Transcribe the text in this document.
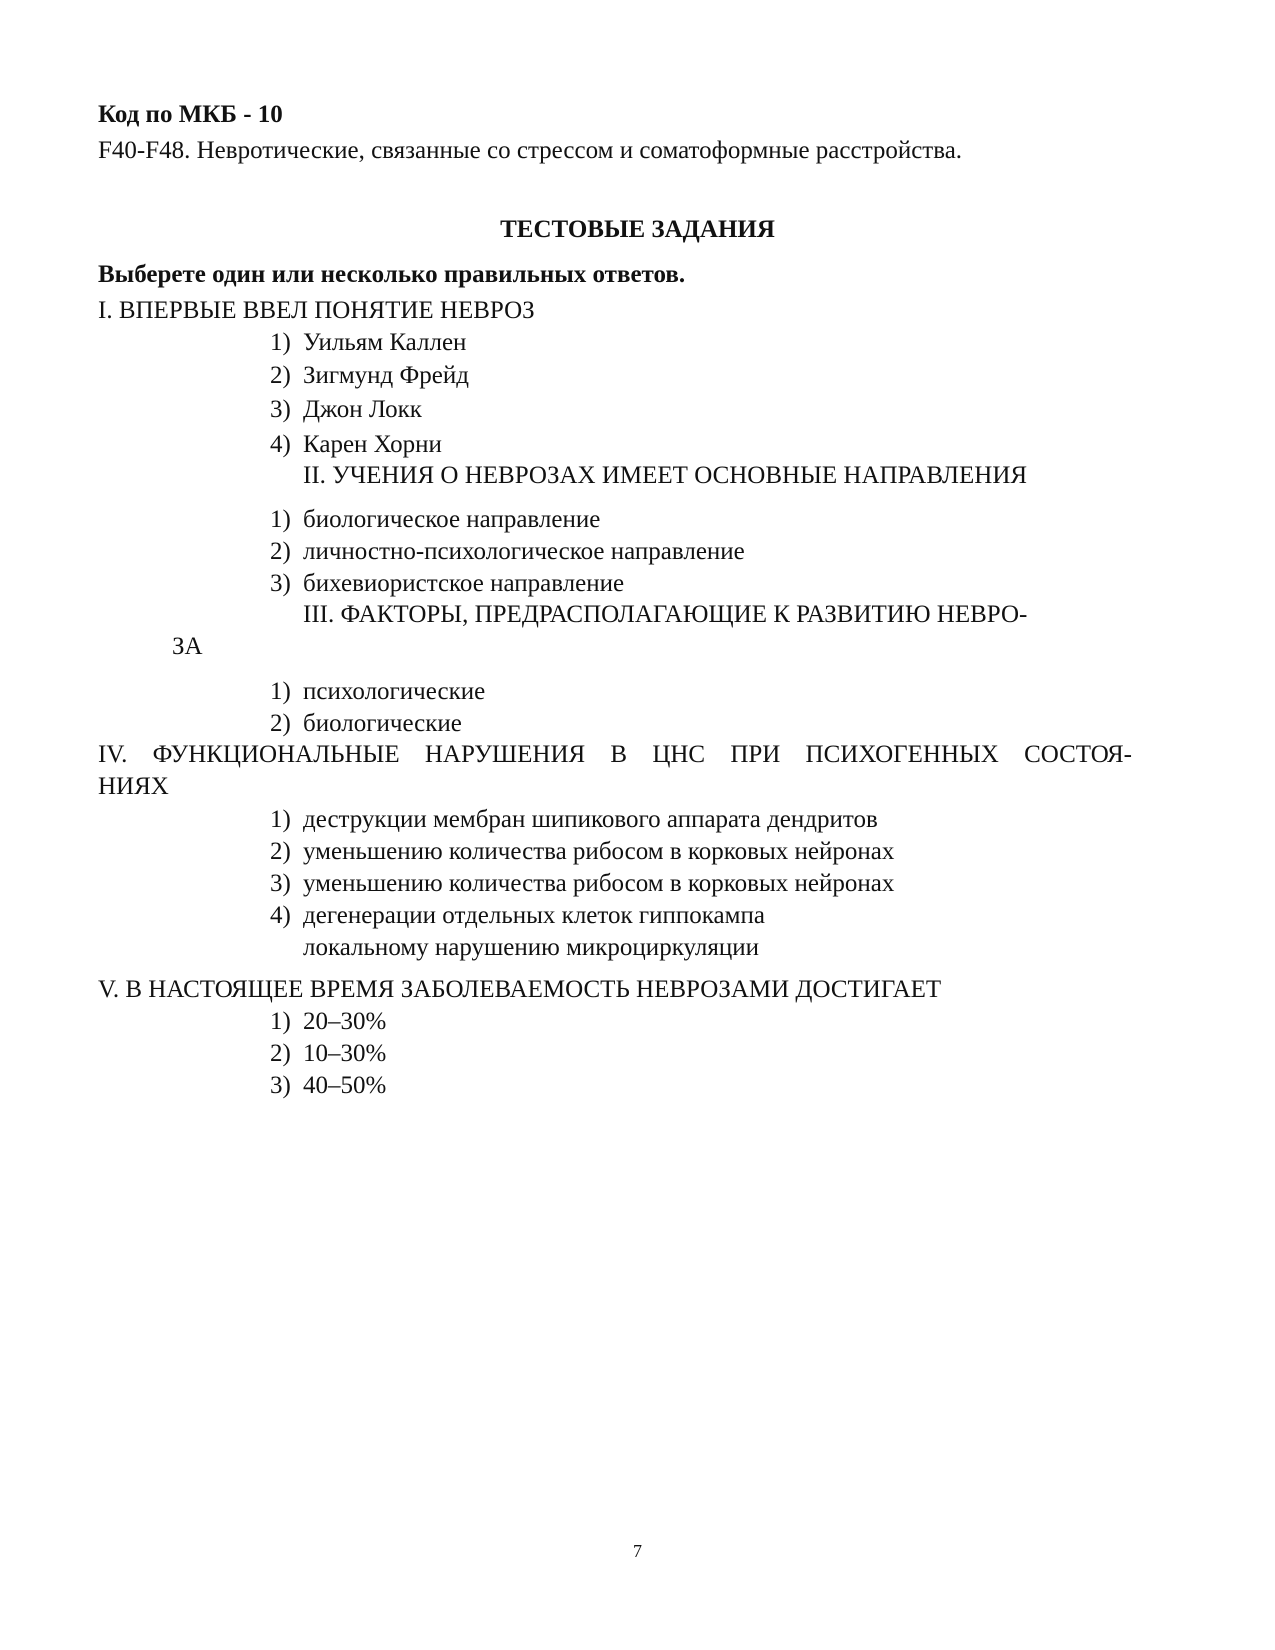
Код по МКБ - 10
F40-F48. Невротические, связанные со стрессом и соматоформные расстройства.
ТЕСТОВЫЕ ЗАДАНИЯ
Выберете один или несколько правильных ответов.
I. ВПЕРВЫЕ ВВЕЛ ПОНЯТИЕ НЕВРОЗ
1) Уильям Каллен
2) Зигмунд Фрейд
3) Джон Локк
4) Карен Хорни
II. УЧЕНИЯ О НЕВРОЗАХ ИМЕЕТ ОСНОВНЫЕ НАПРАВЛЕНИЯ
1) биологическое направление
2) личностно-психологическое направление
3) бихевиористское направление
III. ФАКТОРЫ, ПРЕДРАСПОЛАГАЮЩИЕ К РАЗВИТИЮ НЕВРО-
ЗА
1) психологические
2) биологические
IV. ФУНКЦИОНАЛЬНЫЕ НАРУШЕНИЯ В ЦНС ПРИ ПСИХОГЕННЫХ СОСТОЯ-
НИЯХ
1) деструкции мембран шипикового аппарата дендритов
2) уменьшению количества рибосом в корковых нейронах
3) уменьшению количества рибосом в корковых нейронах
4) дегенерации отдельных клеток гиппокампа
локальному нарушению микроциркуляции
V. В НАСТОЯЩЕЕ ВРЕМЯ ЗАБОЛЕВАЕМОСТЬ НЕВРОЗАМИ ДОСТИГАЕТ
1) 20–30%
2) 10–30%
3) 40–50%
7
